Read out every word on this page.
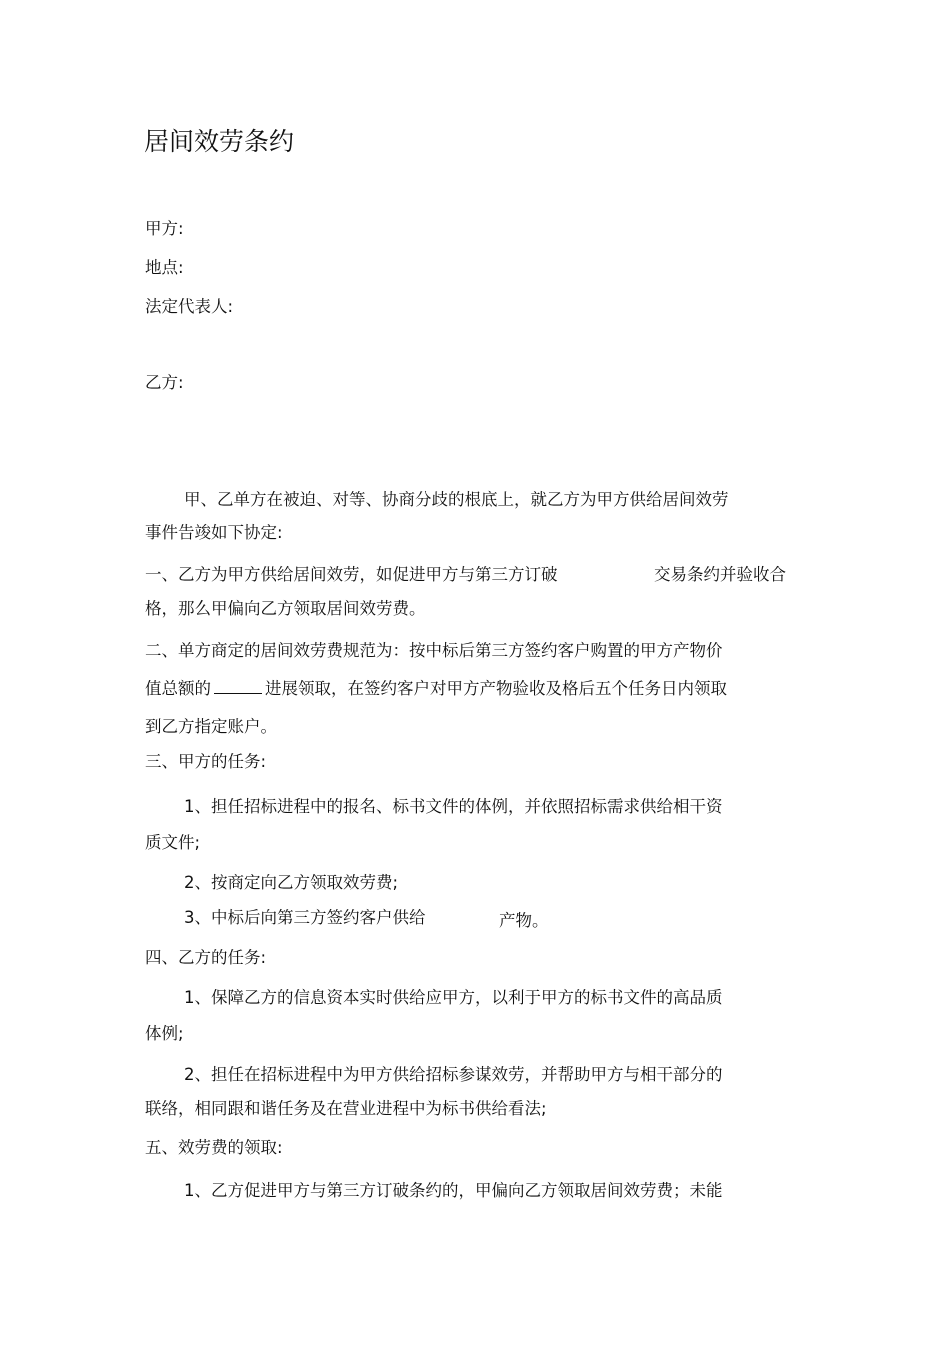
居间效劳条约
甲方:
地点:
法定代表人:
乙方:
甲、乙单方在被迫、对等、协商分歧的根底上，就乙方为甲方供给居间效劳
事件告竣如下协定:
一、乙方为甲方供给居间效劳，如促进甲方与第三方订破	交易条约并验收合
格，那么甲偏向乙方领取居间效劳费。
二、单方商定的居间效劳费规范为：按中标后第三方签约客户购置的甲方产物价
值总额的	进展领取，在签约客户对甲方产物验收及格后五个任务日内领取
到乙方指定账户。
三、甲方的任务:
1、担任招标进程中的报名、标书文件的体例，并依照招标需求供给相干资
质文件;
2、按商定向乙方领取效劳费;
3、中标后向第三方签约客户供给	产物。
四、乙方的任务:
1、保障乙方的信息资本实时供给应甲方，以利于甲方的标书文件的高品质
体例;
2、担任在招标进程中为甲方供给招标参谋效劳，并帮助甲方与相干部分的
联络，相同跟和谐任务及在营业进程中为标书供给看法;
五、效劳费的领取:
1、乙方促进甲方与第三方订破条约的，甲偏向乙方领取居间效劳费；未能
